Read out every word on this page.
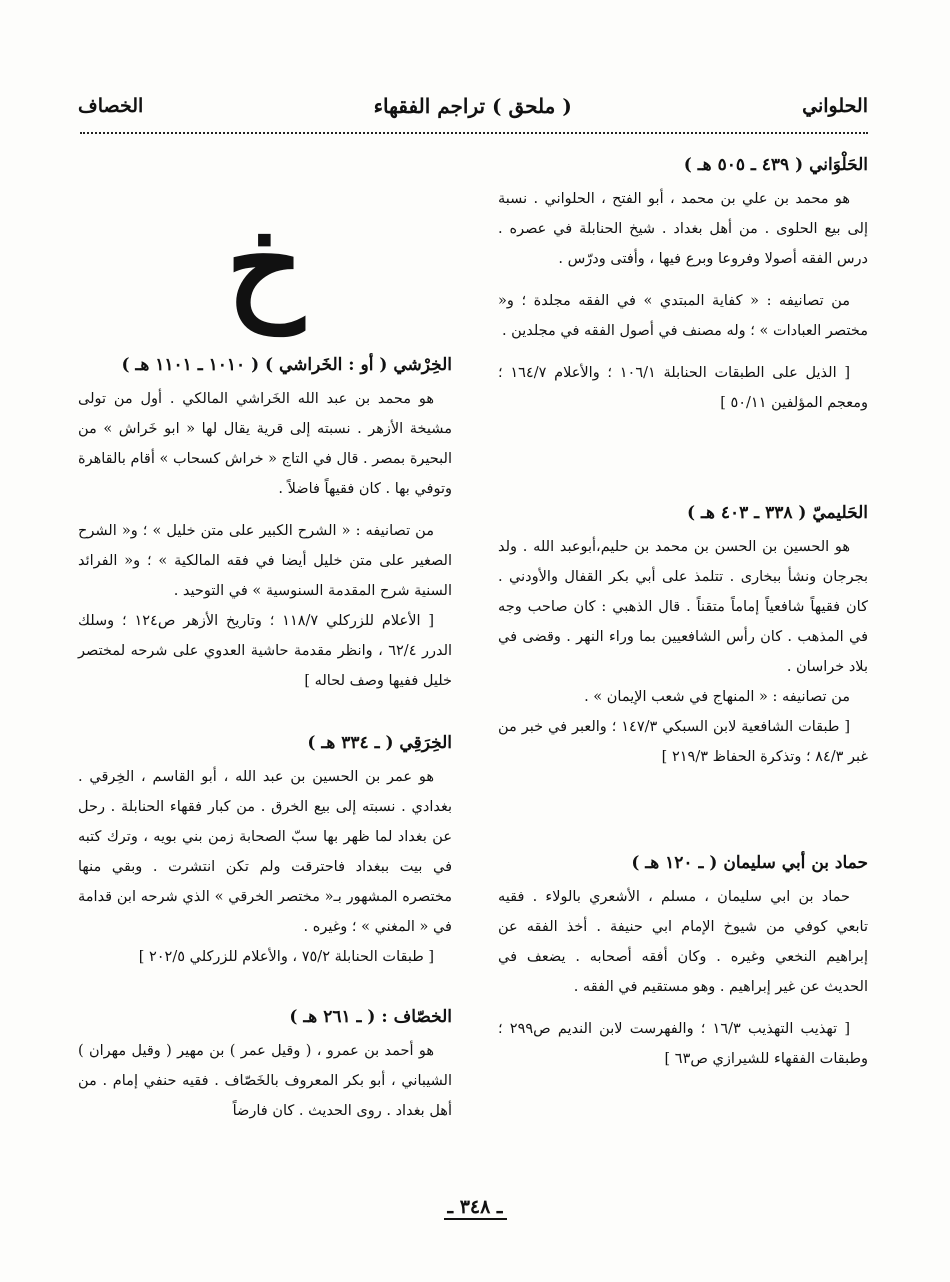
الحلواني
( ملحق ) تراجم الفقهاء
الخصاف
الحَلْوَاني ( ٤٣٩ ـ ٥٠٥ هـ )

هو محمد بن علي بن محمد ، أبو الفتح ، الحلواني . نسبة إلى بيع الحلوى . من أهل بغداد . شيخ الحنابلة في عصره . درس الفقه أصولا وفروعا وبرع فيها ، وأفتى ودرّس .

من تصانيفه : « كفاية المبتدي » في الفقه مجلدة ؛ و« مختصر العبادات » ؛ وله مصنف في أصول الفقه في مجلدين .

[ الذيل على الطبقات الحنابلة ١٠٦/١ ؛ والأعلام ١٦٤/٧ ؛ ومعجم المؤلفين ٥٠/١١ ]

الحَليميّ ( ٣٣٨ ـ ٤٠٣ هـ )

هو الحسين بن الحسن بن محمد بن حليم،أبوعبد الله . ولد بجرجان ونشأ ببخارى . تتلمذ على أبي بكر القفال والأودني . كان فقيهاً شافعياً إماماً متقناً . قال الذهبي : كان صاحب وجه في المذهب . كان رأس الشافعيين بما وراء النهر . وقضى في بلاد خراسان .

من تصانيفه : « المنهاج في شعب الإيمان » .

[ طبقات الشافعية لابن السبكي ١٤٧/٣ ؛ والعبر في خبر من غبر ٨٤/٣ ؛ وتذكرة الحفاظ ٢١٩/٣ ]

حماد بن أبي سليمان ( ـ ١٢٠ هـ )

حماد بن ابي سليمان ، مسلم ، الأشعري بالولاء . فقيه تابعي كوفي من شيوخ الإمام ابي حنيفة . أخذ الفقه عن إبراهيم النخعي وغيره . وكان أفقه أصحابه . يضعف في الحديث عن غير إبراهيم . وهو مستقيم في الفقه .

[ تهذيب التهذيب ١٦/٣ ؛ والفهرست لابن النديم ص٢٩٩ ؛ وطبقات الفقهاء للشيرازي ص٦٣ ]

خ
الخِرْشي ( أو : الخَراشي ) ( ١٠١٠ ـ ١١٠١ هـ )

هو محمد بن عبد الله الخَراشي المالكي . أول من تولى مشيخة الأزهر . نسبته إلى قرية يقال لها « ابو خَراش » من البحيرة بمصر . قال في التاج « خراش كسحاب » أقام بالقاهرة وتوفي بها . كان فقيهاً فاضلاً .

من تصانيفه : « الشرح الكبير على متن خليل » ؛ و« الشرح الصغير على متن خليل أيضا في فقه المالكية » ؛ و« الفرائد السنية شرح المقدمة السنوسية » في التوحيد .

[ الأعلام للزركلي ١١٨/٧ ؛ وتاريخ الأزهر ص١٢٤ ؛ وسلك الدرر ٦٢/٤ ، وانظر مقدمة حاشية العدوي على شرحه لمختصر خليل ففيها وصف لحاله ]

الخِرَقِي ( ـ ٣٣٤ هـ )

هو عمر بن الحسين بن عبد الله ، أبو القاسم ، الخِرقي . بغدادي . نسبته إلى بيع الخرق . من كبار فقهاء الحنابلة . رحل عن بغداد لما ظهر بها سبّ الصحابة زمن بني بويه ، وترك كتبه في بيت ببغداد فاحترقت ولم تكن انتشرت . وبقي منها مختصره المشهور بـ« مختصر الخرقي » الذي شرحه ابن قدامة في « المغني » ؛ وغيره .

[ طبقات الحنابلة ٧٥/٢ ، والأعلام للزركلي ٢٠٢/٥ ]

الخصّاف : ( ـ ٢٦١ هـ )

هو أحمد بن عمرو ، ( وقيل عمر ) بن مهير ( وقيل مهران ) الشيباني ، أبو بكر المعروف بالخَصّاف . فقيه حنفي إمام . من أهل بغداد . روى الحديث . كان فارضاً

ـ ٣٤٨ ـ
